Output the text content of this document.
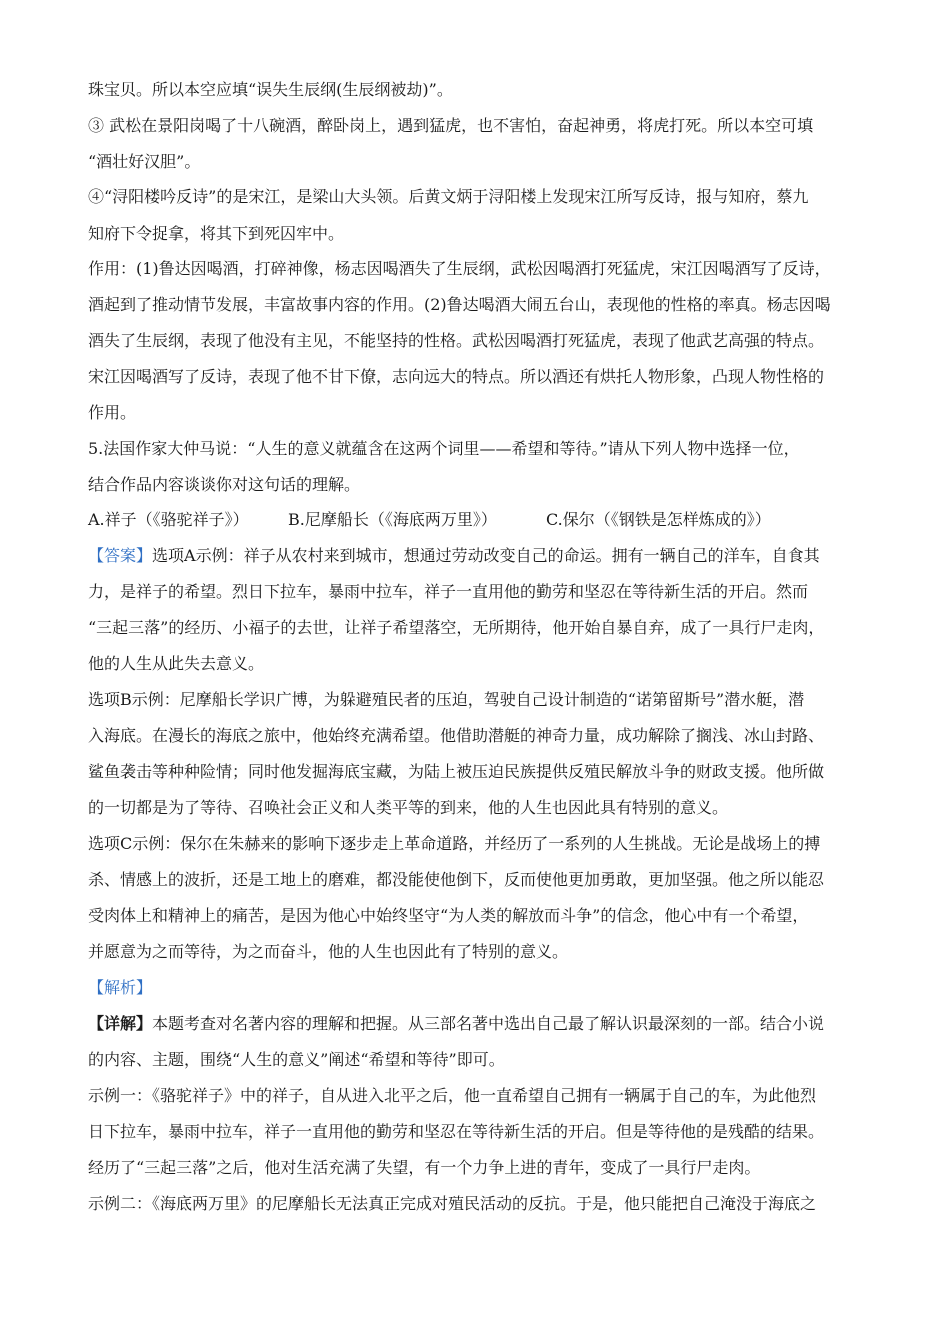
珠宝贝。所以本空应填“误失生辰纲(生辰纲被劫)”。
③ 武松在景阳岗喝了十八碗酒，醉卧岗上，遇到猛虎，也不害怕，奋起神勇，将虎打死。所以本空可填
“酒壮好汉胆”。
④“浔阳楼吟反诗”的是宋江，是梁山大头领。后黄文炳于浔阳楼上发现宋江所写反诗，报与知府，蔡九
知府下令捉拿，将其下到死囚牢中。
作用：(1)鲁达因喝酒，打碎神像，杨志因喝酒失了生辰纲，武松因喝酒打死猛虎，宋江因喝酒写了反诗，
酒起到了推动情节发展，丰富故事内容的作用。(2)鲁达喝酒大闹五台山，表现他的性格的率真。杨志因喝
酒失了生辰纲，表现了他没有主见，不能坚持的性格。武松因喝酒打死猛虎，表现了他武艺高强的特点。
宋江因喝酒写了反诗，表现了他不甘下僚，志向远大的特点。所以酒还有烘托人物形象，凸现人物性格的
作用。
5.法国作家大仲马说：“人生的意义就蕴含在这两个词里——希望和等待。”请从下列人物中选择一位，
结合作品内容谈谈你对这句话的理解。
A.祥子（《骆驼祥子》）	B.尼摩船长（《海底两万里》）	C.保尔（《钢铁是怎样炼成的》）
【答案】选项A示例：祥子从农村来到城市，想通过劳动改变自己的命运。拥有一辆自己的洋车，自食其
力，是祥子的希望。烈日下拉车，暴雨中拉车，祥子一直用他的勤劳和坚忍在等待新生活的开启。然而
“三起三落”的经历、小福子的去世，让祥子希望落空，无所期待，他开始自暴自弃，成了一具行尸走肉，
他的人生从此失去意义。
选项B示例：尼摩船长学识广博，为躲避殖民者的压迫，驾驶自己设计制造的“诺第留斯号”潜水艇，潜
入海底。在漫长的海底之旅中，他始终充满希望。他借助潜艇的神奇力量，成功解除了搁浅、冰山封路、
鲨鱼袭击等种种险情；同时他发掘海底宝藏，为陆上被压迫民族提供反殖民解放斗争的财政支援。他所做
的一切都是为了等待、召唤社会正义和人类平等的到来，他的人生也因此具有特别的意义。
选项C示例：保尔在朱赫来的影响下逐步走上革命道路，并经历了一系列的人生挑战。无论是战场上的搏
杀、情感上的波折，还是工地上的磨难，都没能使他倒下，反而使他更加勇敢，更加坚强。他之所以能忍
受肉体上和精神上的痛苦，是因为他心中始终坚守“为人类的解放而斗争”的信念，他心中有一个希望，
并愿意为之而等待，为之而奋斗，他的人生也因此有了特别的意义。
【解析】
【详解】本题考查对名著内容的理解和把握。从三部名著中选出自己最了解认识最深刻的一部。结合小说
的内容、主题，围绕“人生的意义”阐述“希望和等待”即可。
示例一：《骆驼祥子》中的祥子，自从进入北平之后，他一直希望自己拥有一辆属于自己的车，为此他烈
日下拉车，暴雨中拉车，祥子一直用他的勤劳和坚忍在等待新生活的开启。但是等待他的是残酷的结果。
经历了“三起三落”之后，他对生活充满了失望，有一个力争上进的青年，变成了一具行尸走肉。
示例二：《海底两万里》的尼摩船长无法真正完成对殖民活动的反抗。于是，他只能把自己淹没于海底之
